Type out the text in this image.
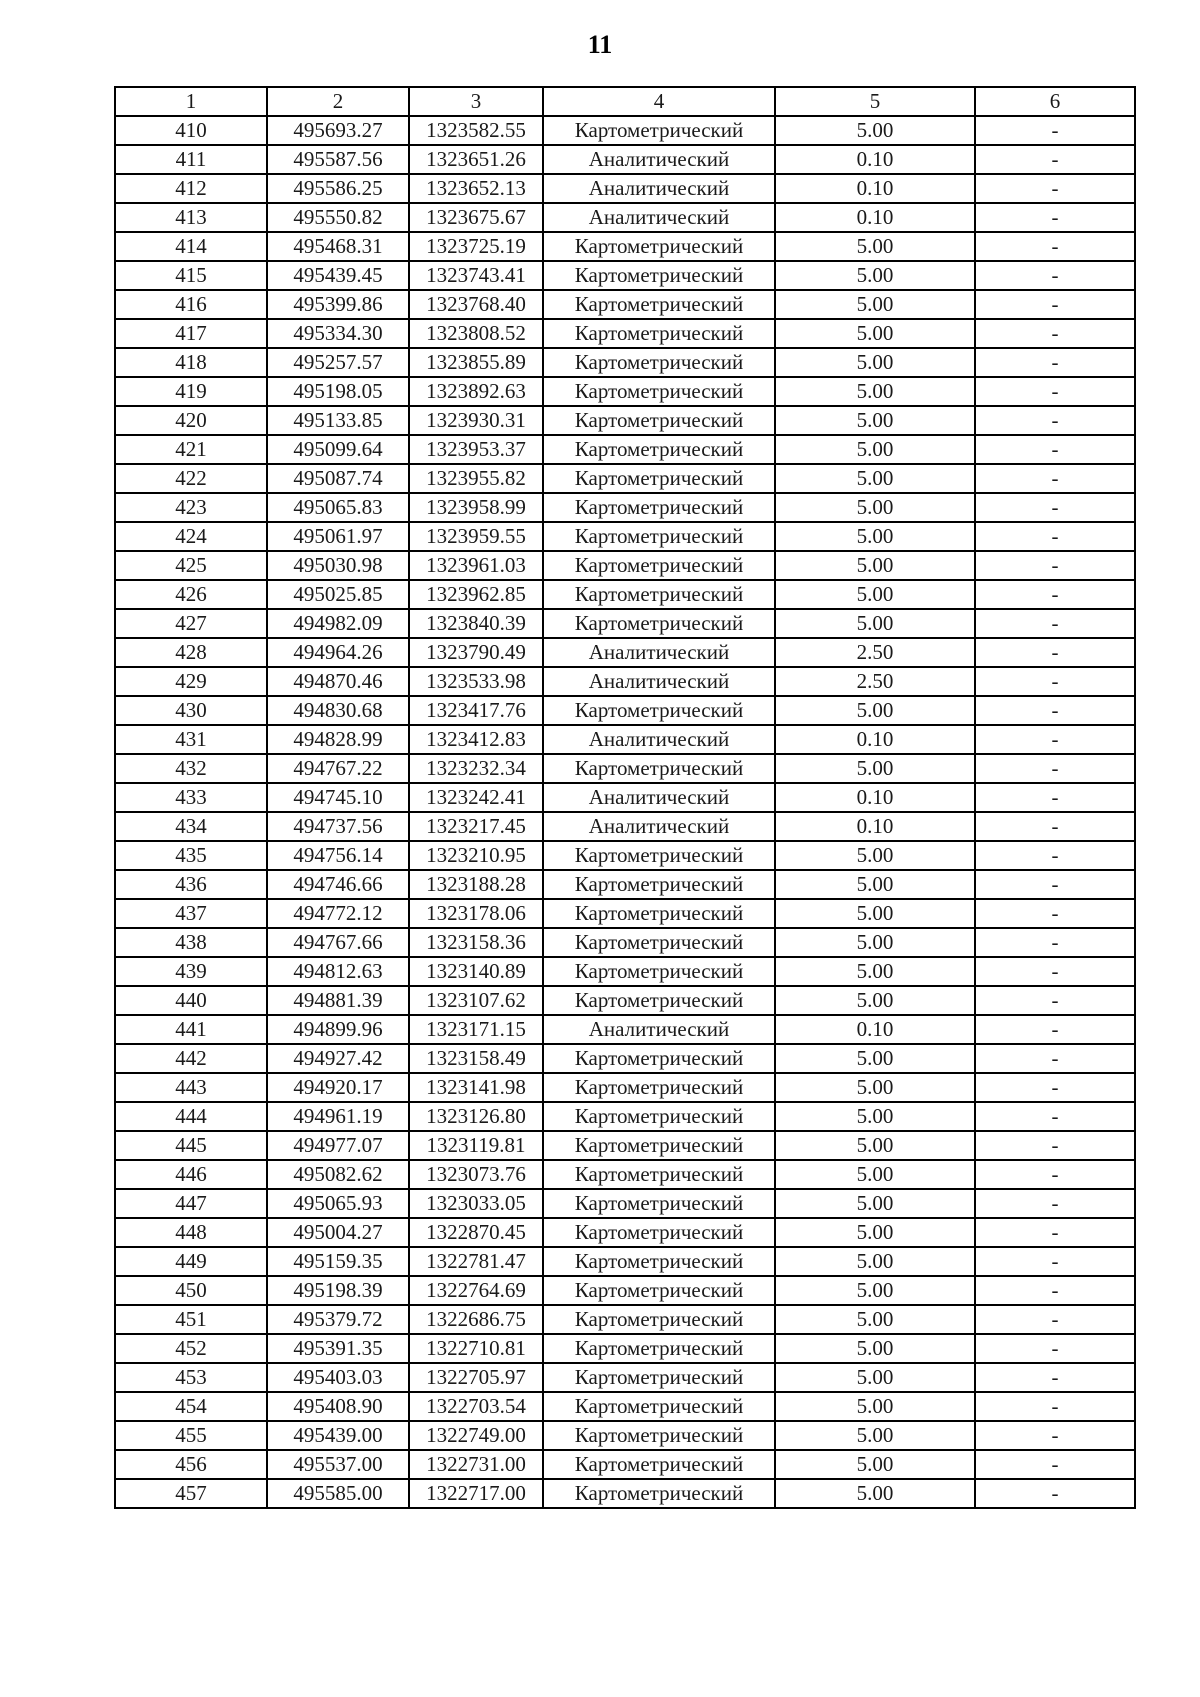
11
1	2	3	4	5	6
410	495693.27	1323582.55	Картометрический	5.00	-
411	495587.56	1323651.26	Аналитический	0.10	-
412	495586.25	1323652.13	Аналитический	0.10	-
413	495550.82	1323675.67	Аналитический	0.10	-
414	495468.31	1323725.19	Картометрический	5.00	-
415	495439.45	1323743.41	Картометрический	5.00	-
416	495399.86	1323768.40	Картометрический	5.00	-
417	495334.30	1323808.52	Картометрический	5.00	-
418	495257.57	1323855.89	Картометрический	5.00	-
419	495198.05	1323892.63	Картометрический	5.00	-
420	495133.85	1323930.31	Картометрический	5.00	-
421	495099.64	1323953.37	Картометрический	5.00	-
422	495087.74	1323955.82	Картометрический	5.00	-
423	495065.83	1323958.99	Картометрический	5.00	-
424	495061.97	1323959.55	Картометрический	5.00	-
425	495030.98	1323961.03	Картометрический	5.00	-
426	495025.85	1323962.85	Картометрический	5.00	-
427	494982.09	1323840.39	Картометрический	5.00	-
428	494964.26	1323790.49	Аналитический	2.50	-
429	494870.46	1323533.98	Аналитический	2.50	-
430	494830.68	1323417.76	Картометрический	5.00	-
431	494828.99	1323412.83	Аналитический	0.10	-
432	494767.22	1323232.34	Картометрический	5.00	-
433	494745.10	1323242.41	Аналитический	0.10	-
434	494737.56	1323217.45	Аналитический	0.10	-
435	494756.14	1323210.95	Картометрический	5.00	-
436	494746.66	1323188.28	Картометрический	5.00	-
437	494772.12	1323178.06	Картометрический	5.00	-
438	494767.66	1323158.36	Картометрический	5.00	-
439	494812.63	1323140.89	Картометрический	5.00	-
440	494881.39	1323107.62	Картометрический	5.00	-
441	494899.96	1323171.15	Аналитический	0.10	-
442	494927.42	1323158.49	Картометрический	5.00	-
443	494920.17	1323141.98	Картометрический	5.00	-
444	494961.19	1323126.80	Картометрический	5.00	-
445	494977.07	1323119.81	Картометрический	5.00	-
446	495082.62	1323073.76	Картометрический	5.00	-
447	495065.93	1323033.05	Картометрический	5.00	-
448	495004.27	1322870.45	Картометрический	5.00	-
449	495159.35	1322781.47	Картометрический	5.00	-
450	495198.39	1322764.69	Картометрический	5.00	-
451	495379.72	1322686.75	Картометрический	5.00	-
452	495391.35	1322710.81	Картометрический	5.00	-
453	495403.03	1322705.97	Картометрический	5.00	-
454	495408.90	1322703.54	Картометрический	5.00	-
455	495439.00	1322749.00	Картометрический	5.00	-
456	495537.00	1322731.00	Картометрический	5.00	-
457	495585.00	1322717.00	Картометрический	5.00	-
